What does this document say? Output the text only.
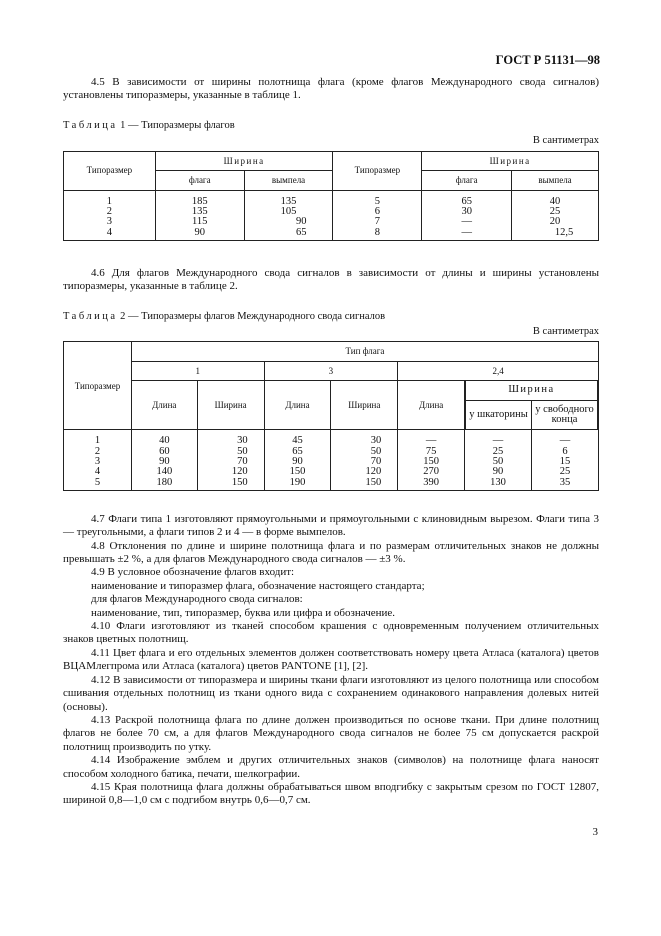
ГОСТ Р 51131—98

4.5 В зависимости от ширины полотнища флага (кроме флагов Международного свода сигналов) установлены типоразмеры, указанные в таблице 1.

Таблица 1 — Типоразмеры флагов

В сантиметрах
Типоразмер	Ширина		Типоразмер	Ширина	
	флага	вымпела		флага	вымпела
1	185	135	5	65	40
2	135	105	6	30	25
3	115	90	7	—	20
4	90	65	8	—	12,5

4.6 Для флагов Международного свода сигналов в зависимости от длины и ширины установлены типоразмеры, указанные в таблице 2.

Таблица 2 — Типоразмеры флагов Международного свода сигналов

В сантиметрах
Типоразмер	Тип флага
1	3	2,4
Длина	Ширина	Длина	Ширина	Длина	
Ширина
у шкаторины	у свободного конца

1	40	30	45	30	—	—	—
2	60	50	65	50	75	25	6
3	90	70	90	70	150	50	15
4	140	120	150	120	270	90	25
5	180	150	190	150	390	130	35

4.7 Флаги типа 1 изготовляют прямоугольными и прямоугольными с клиновидным вырезом. Флаги типа 3 — треугольными, а флаги типов 2 и 4 — в форме вымпелов.

4.8 Отклонения по длине и ширине полотнища флага и по размерам отличительных знаков не должны превышать ±2 %, а для флагов Международного свода сигналов — ±3 %.

4.9 В условное обозначение флагов входит:

наименование и типоразмер флага, обозначение настоящего стандарта;

для флагов Международного свода сигналов:

наименование, тип, типоразмер, буква или цифра и обозначение.

4.10 Флаги изготовляют из тканей способом крашения с одновременным получением отличительных знаков цветных полотнищ.

4.11 Цвет флага и его отдельных элементов должен соответствовать номеру цвета Атласа (каталога) цветов ВЦАМлегпрома или Атласа (каталога) цветов PANTONE [1], [2].

4.12 В зависимости от типоразмера и ширины ткани флаги изготовляют из целого полотнища или способом сшивания отдельных полотнищ из ткани одного вида с сохранением одинакового направления долевых нитей (основы).

4.13 Раскрой полотнища флага по длине должен производиться по основе ткани. При длине полотнищ флагов не более 70 см, а для флагов Международного свода сигналов не более 75 см допускается раскрой полотнищ производить по утку.

4.14 Изображение эмблем и других отличительных знаков (символов) на полотнище флага наносят способом холодного батика, печати, шелкографии.

4.15 Края полотнища флага должны обрабатываться швом вподгибку с закрытым срезом по ГОСТ 12807, шириной 0,8—1,0 см с подгибом внутрь 0,6—0,7 см.

3
